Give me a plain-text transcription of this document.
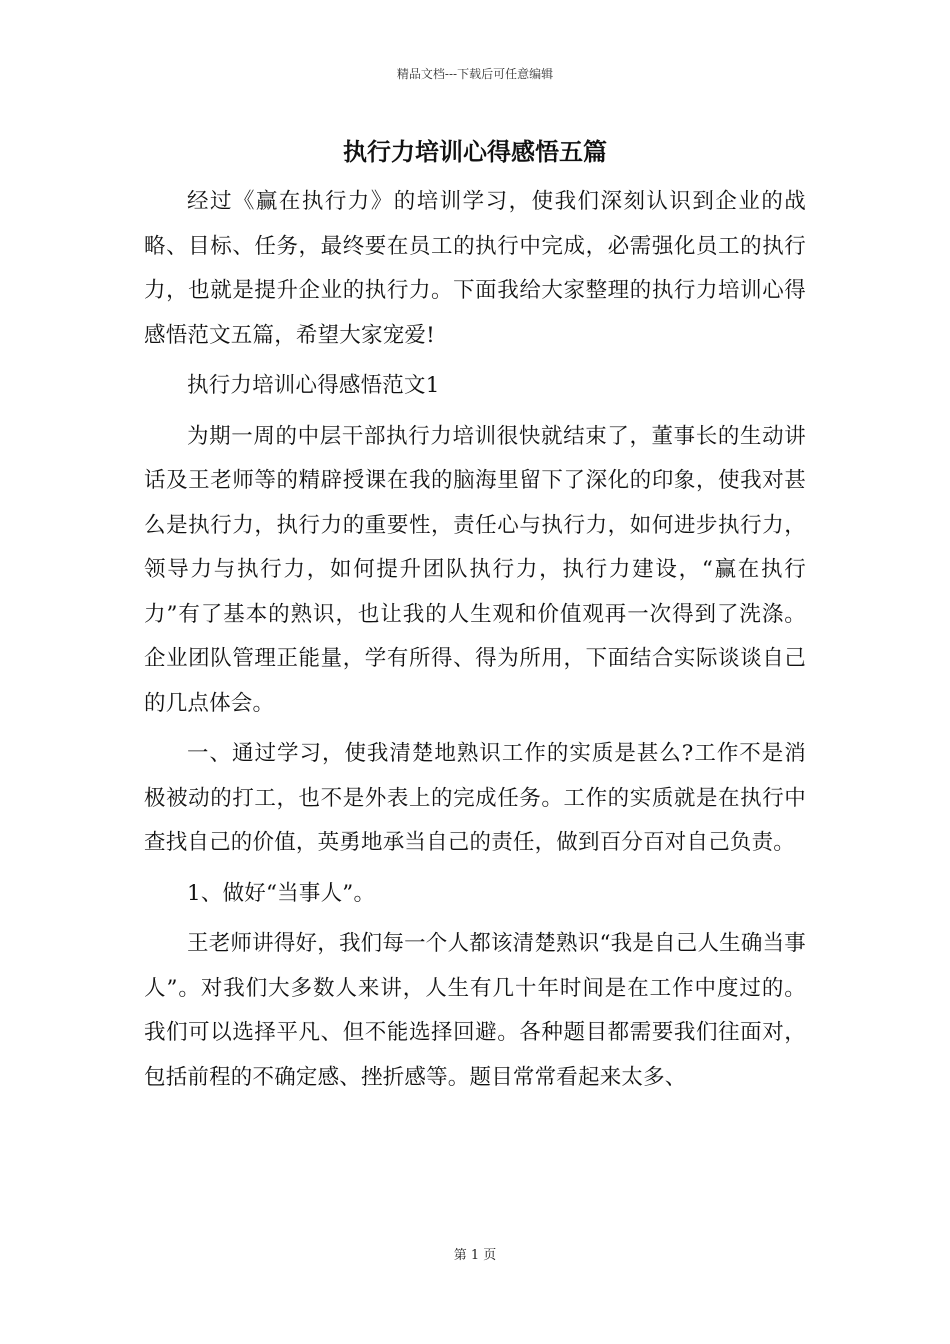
精品文档---下载后可任意编辑
执行力培训心得感悟五篇

经过《赢在执行力》的培训学习，使我们深刻认识到企业的战略、目标、任务，最终要在员工的执行中完成，必需强化员工的执行力，也就是提升企业的执行力。下面我给大家整理的执行力培训心得感悟范文五篇，希望大家宠爱!

执行力培训心得感悟范文1

为期一周的中层干部执行力培训很快就结束了，董事长的生动讲话及王老师等的精辟授课在我的脑海里留下了深化的印象，使我对甚么是执行力，执行力的重要性，责任心与执行力，如何进步执行力，领导力与执行力，如何提升团队执行力，执行力建设，“赢在执行力”有了基本的熟识，也让我的人生观和价值观再一次得到了洗涤。企业团队管理正能量，学有所得、得为所用，下面结合实际谈谈自己的几点体会。

一、通过学习，使我清楚地熟识工作的实质是甚么?工作不是消极被动的打工，也不是外表上的完成任务。工作的实质就是在执行中查找自己的价值，英勇地承当自己的责任，做到百分百对自己负责。

1、做好“当事人”。

王老师讲得好，我们每一个人都该清楚熟识“我是自己人生确当事人”。对我们大多数人来讲，人生有几十年时间是在工作中度过的。我们可以选择平凡、但不能选择回避。各种题目都需要我们往面对，包括前程的不确定感、挫折感等。题目常常看起来太多、

第 1 页
